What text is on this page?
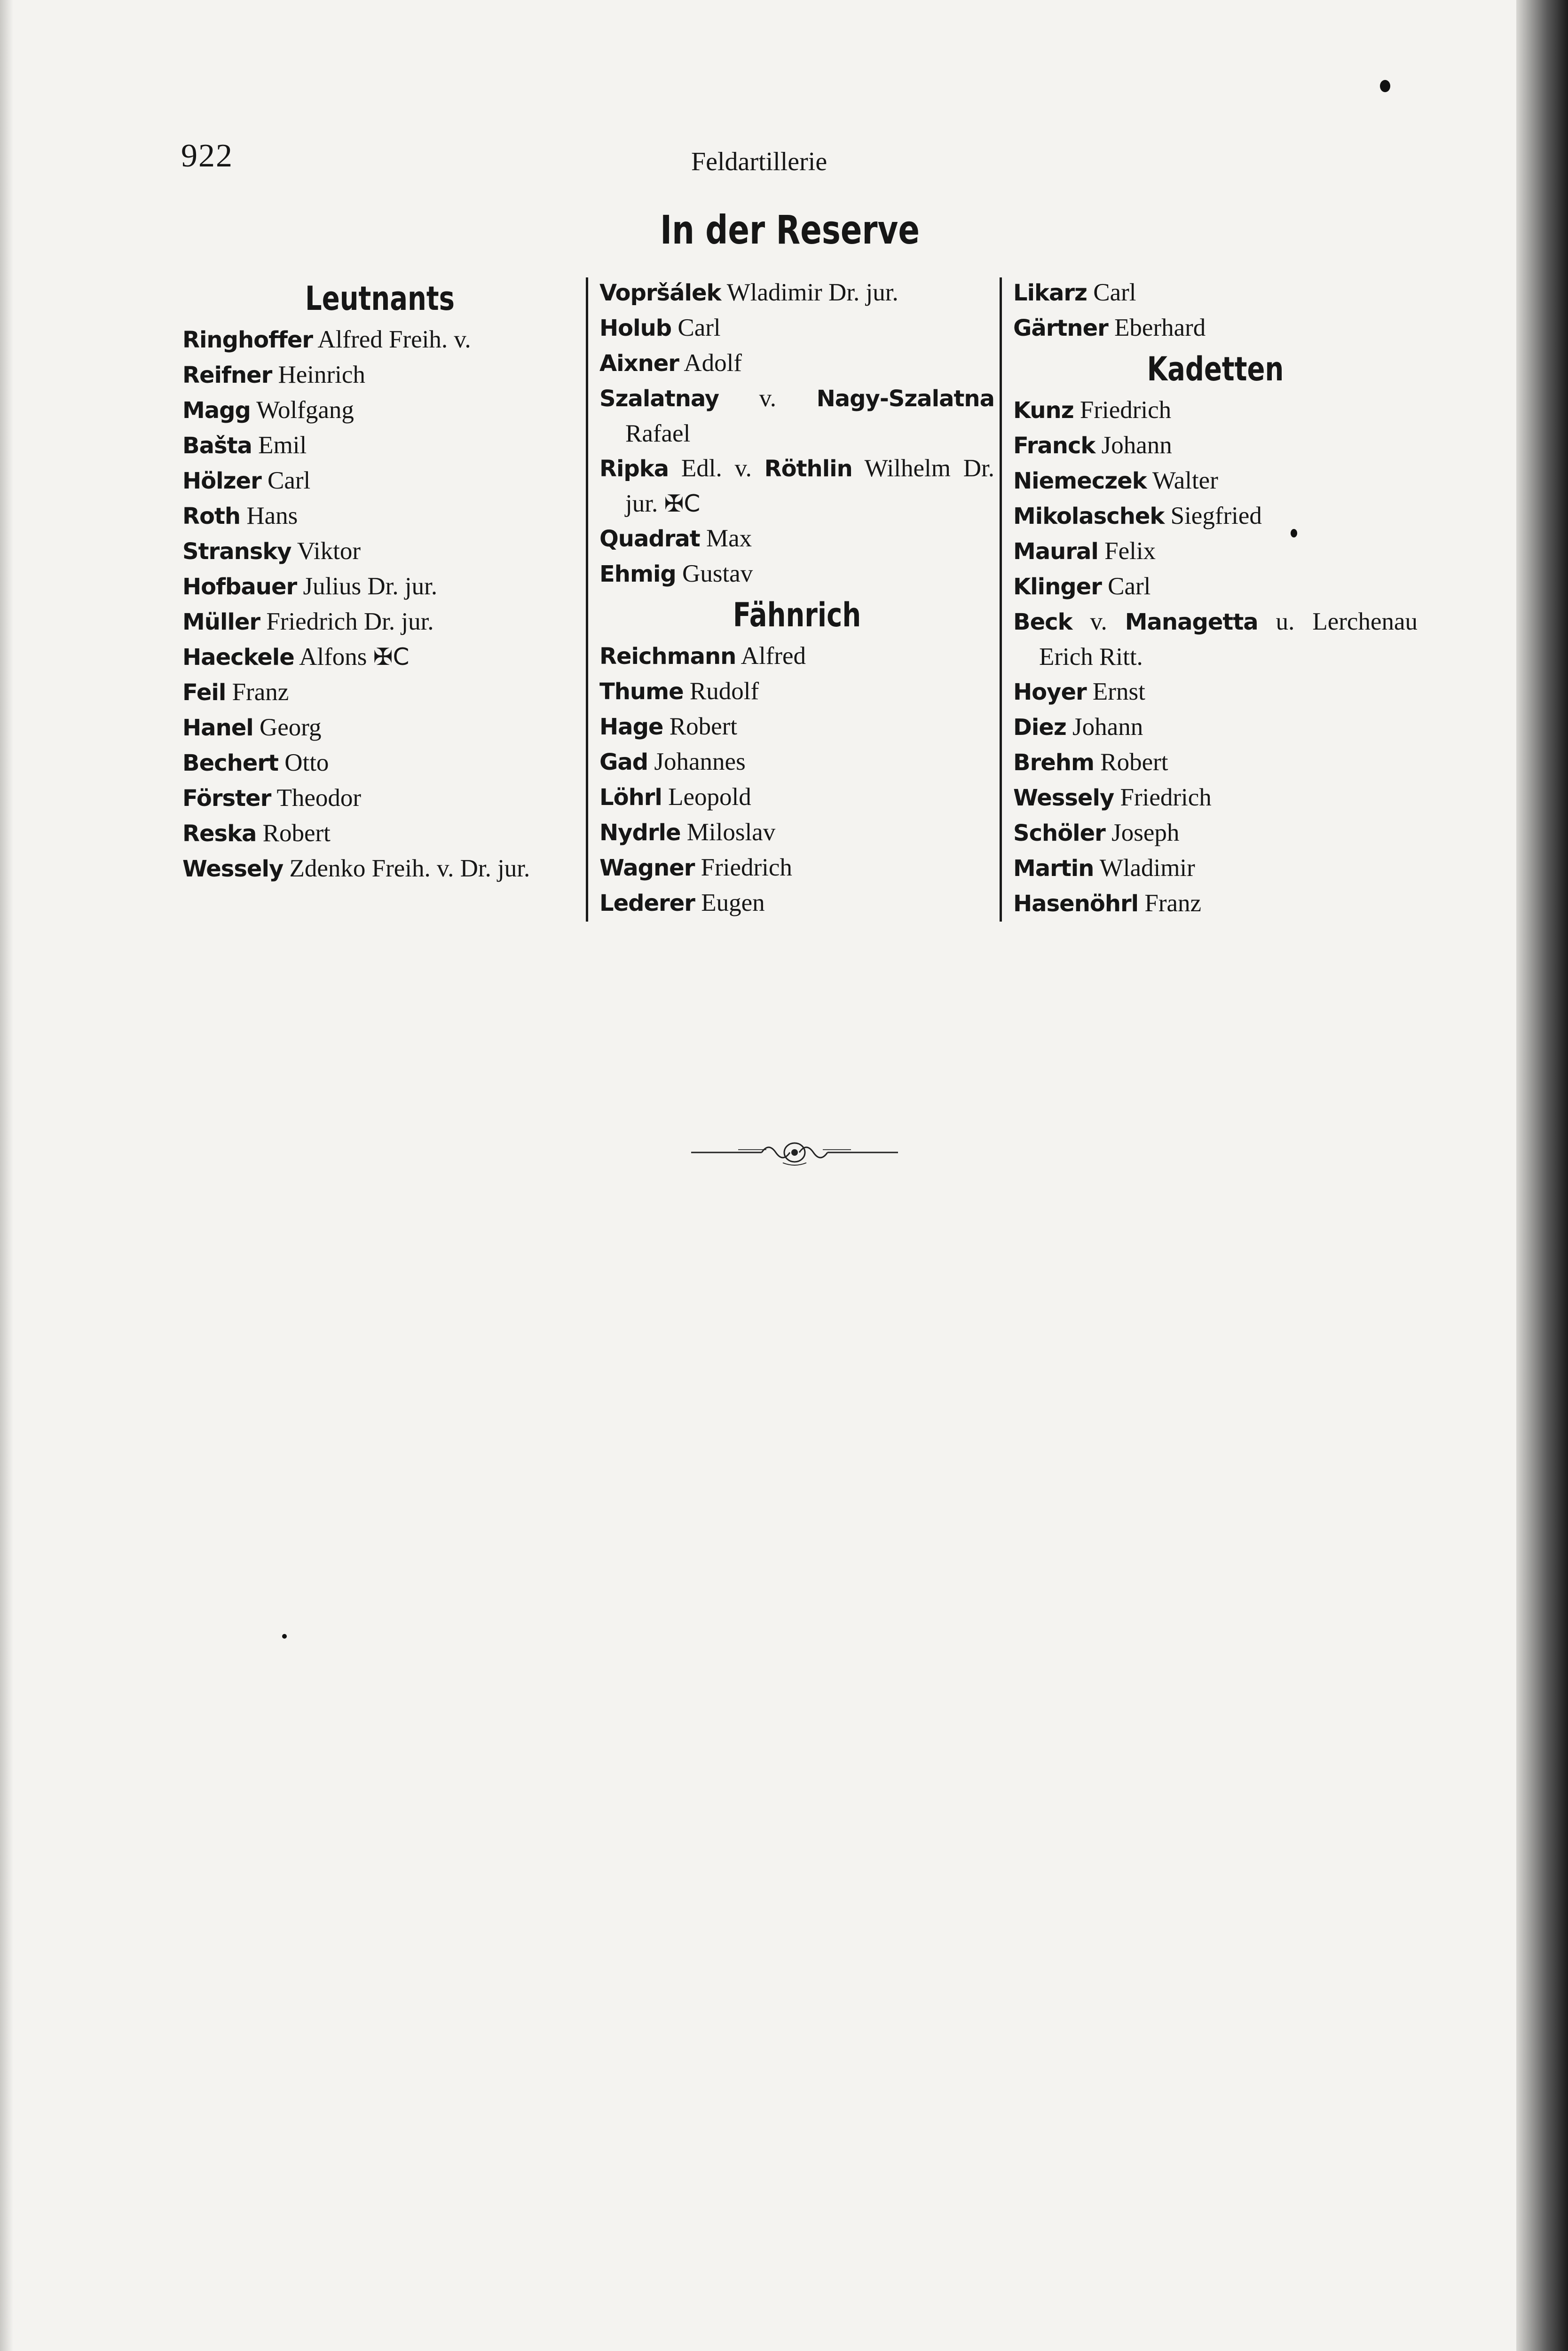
922	Feldartillerie
In der Reserve
Leutnants
Ringhoffer Alfred Freih. v.
Reifner Heinrich
Magg Wolfgang
Bašta Emil
Hölzer Carl
Roth Hans
Stransky Viktor
Hofbauer Julius Dr. jur.
Müller Friedrich Dr. jur.
Haeckele Alfons ✠C
Feil Franz
Hanel Georg
Bechert Otto
Förster Theodor
Reska Robert
Wessely Zdenko Freih. v. Dr. jur.
Vopršálek Wladimir Dr. jur.
Holub Carl
Aixner Adolf
Szalatnay v. Nagy-Szalatna Rafael
Ripka Edl. v. Röthlin Wilhelm Dr. jur. ✠C
Quadrat Max
Ehmig Gustav
Fähnrich
Reichmann Alfred
Thume Rudolf
Hage Robert
Gad Johannes
Löhrl Leopold
Nydrle Miloslav
Wagner Friedrich
Lederer Eugen
Likarz Carl
Gärtner Eberhard
Kadetten
Kunz Friedrich
Franck Johann
Niemeczek Walter
Mikolaschek Siegfried
Maural Felix
Klinger Carl
Beck v. Managetta u. Lerchenau Erich Ritt.
Hoyer Ernst
Diez Johann
Brehm Robert
Wessely Friedrich
Schöler Joseph
Martin Wladimir
Hasenöhrl Franz
